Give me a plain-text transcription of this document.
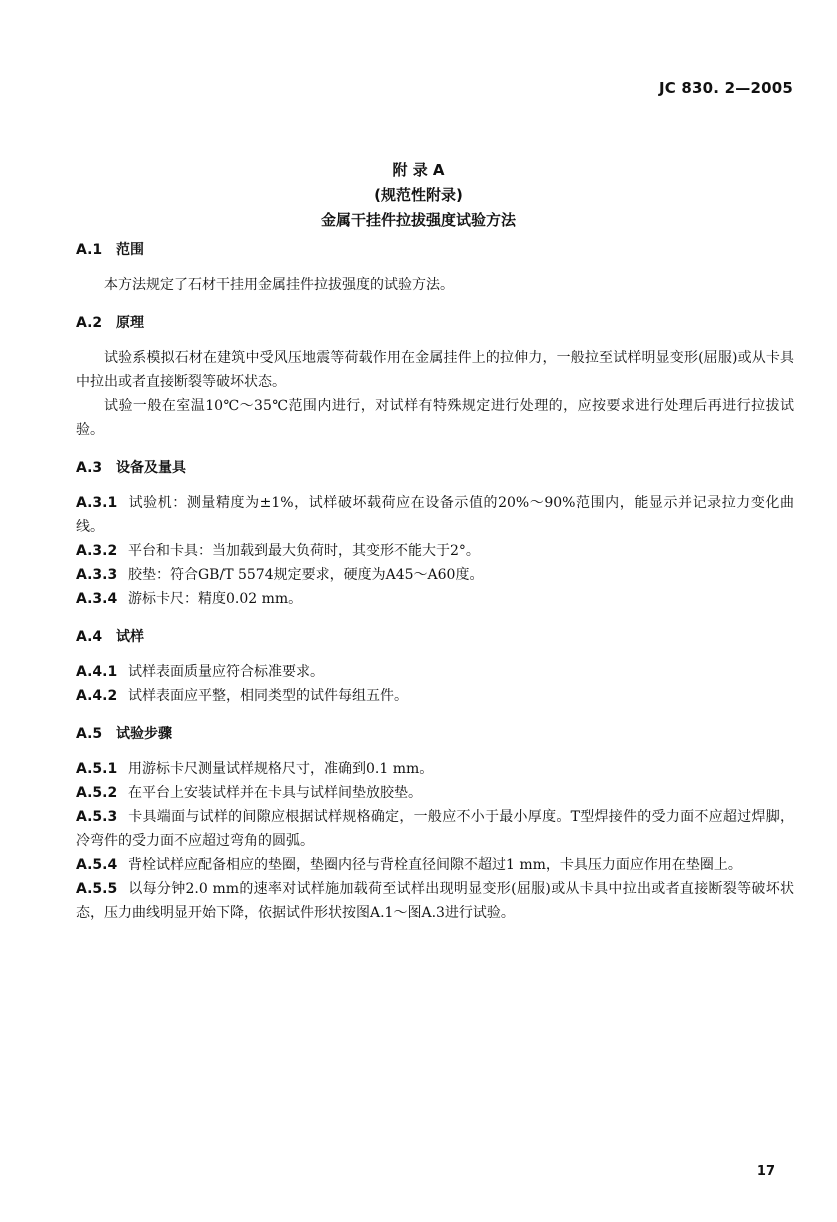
JC 830. 2—2005
附 录 A
(规范性附录)
金属干挂件拉拔强度试验方法
A.1 范围

本方法规定了石材干挂用金属挂件拉拔强度的试验方法。

A.2 原理

试验系模拟石材在建筑中受风压地震等荷载作用在金属挂件上的拉伸力，一般拉至试样明显变形(屈服)或从卡具中拉出或者直接断裂等破坏状态。

试验一般在室温10℃～35℃范围内进行，对试样有特殊规定进行处理的，应按要求进行处理后再进行拉拔试验。

A.3 设备及量具

A.3.1 试验机：测量精度为±1%，试样破坏载荷应在设备示值的20%～90%范围内，能显示并记录拉力变化曲线。

A.3.2 平台和卡具：当加载到最大负荷时，其变形不能大于2°。

A.3.3 胶垫：符合GB/T 5574规定要求，硬度为A45～A60度。

A.3.4 游标卡尺：精度0.02 mm。

A.4 试样

A.4.1 试样表面质量应符合标准要求。

A.4.2 试样表面应平整，相同类型的试件每组五件。

A.5 试验步骤

A.5.1 用游标卡尺测量试样规格尺寸，准确到0.1 mm。

A.5.2 在平台上安装试样并在卡具与试样间垫放胶垫。

A.5.3 卡具端面与试样的间隙应根据试样规格确定，一般应不小于最小厚度。T型焊接件的受力面不应超过焊脚，冷弯件的受力面不应超过弯角的圆弧。

A.5.4 背栓试样应配备相应的垫圈，垫圈内径与背栓直径间隙不超过1 mm，卡具压力面应作用在垫圈上。

A.5.5 以每分钟2.0 mm的速率对试样施加载荷至试样出现明显变形(屈服)或从卡具中拉出或者直接断裂等破坏状态，压力曲线明显开始下降，依据试件形状按图A.1～图A.3进行试验。

17
